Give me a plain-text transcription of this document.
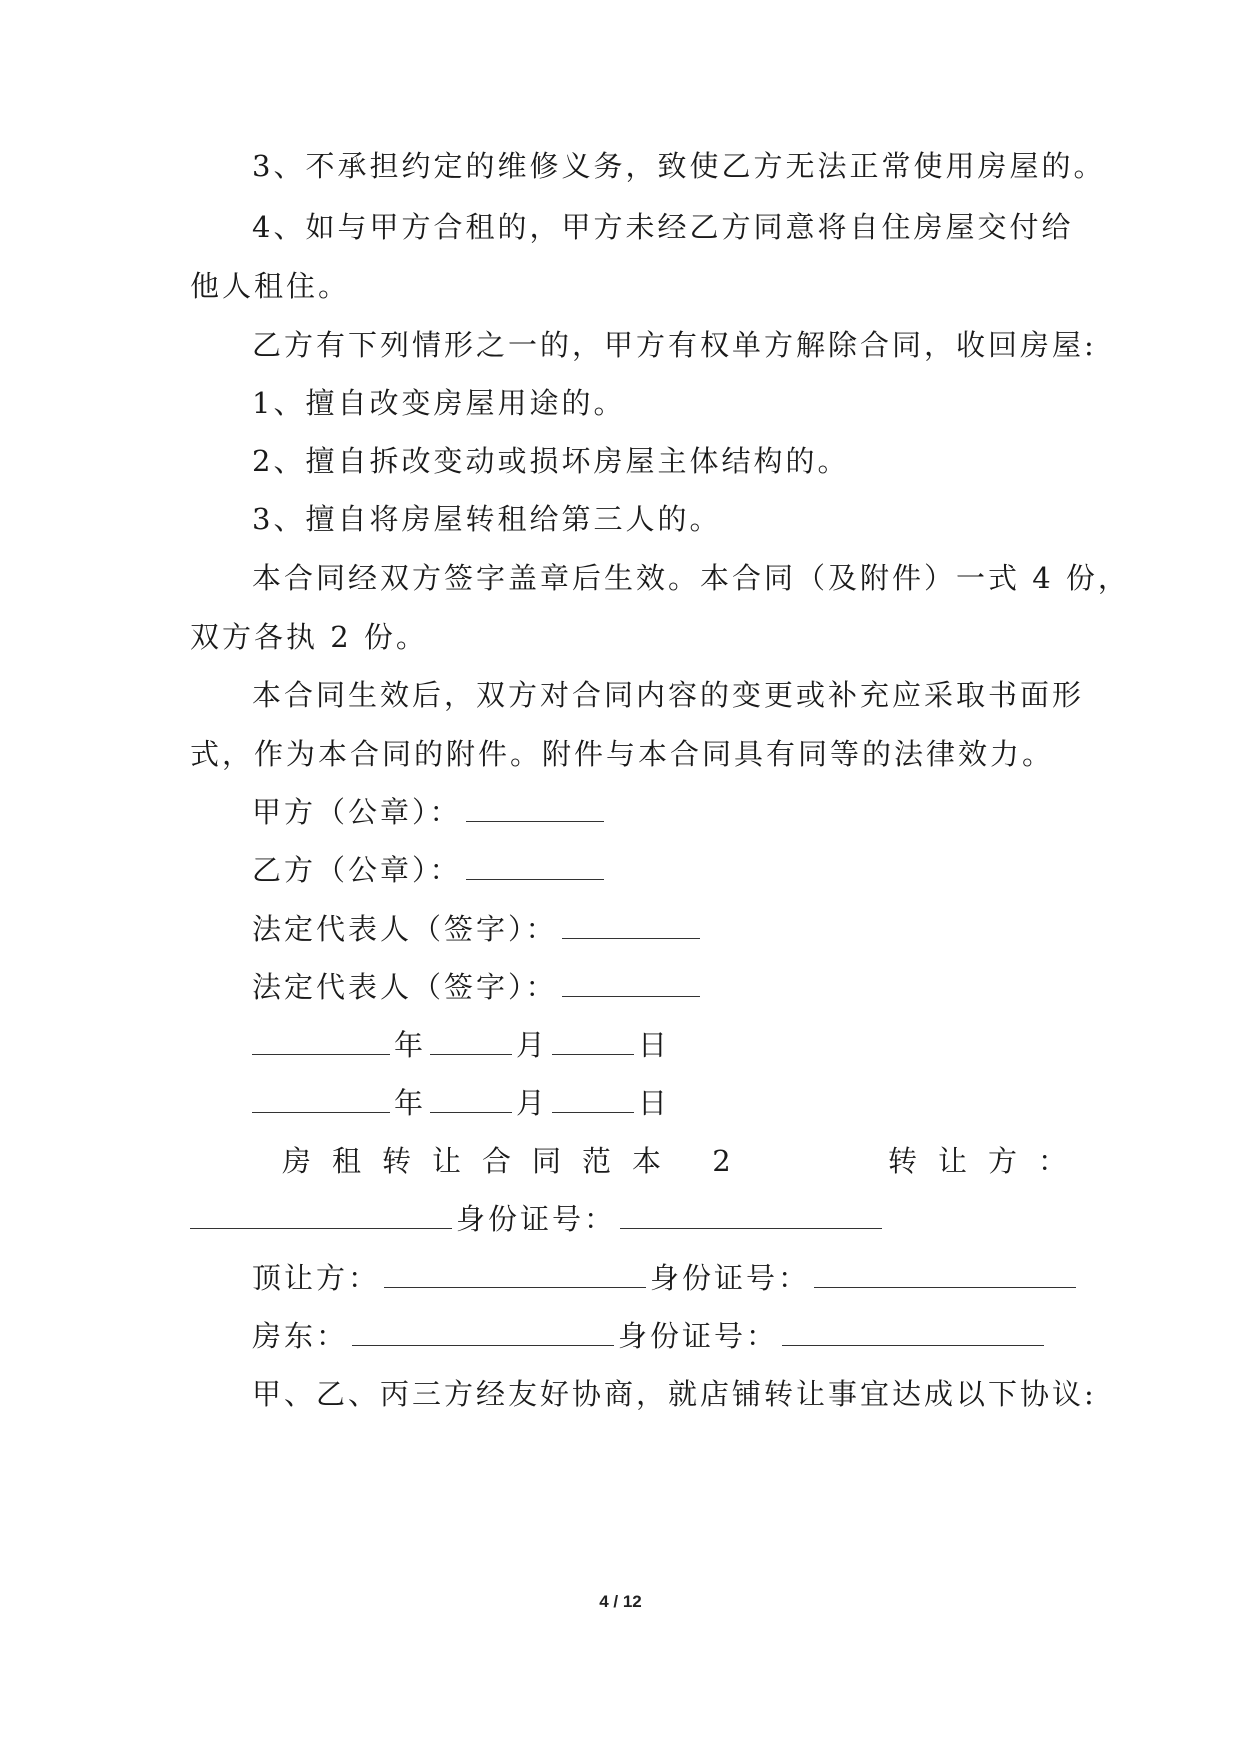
3、不承担约定的维修义务，致使乙方无法正常使用房屋的。
4、如与甲方合租的，甲方未经乙方同意将自住房屋交付给
他人租住。
乙方有下列情形之一的，甲方有权单方解除合同，收回房屋:
1、擅自改变房屋用途的。
2、擅自拆改变动或损坏房屋主体结构的。
3、擅自将房屋转租给第三人的。
本合同经双方签字盖章后生效。本合同（及附件）一式 4 份，
双方各执 2 份。
本合同生效后，双方对合同内容的变更或补充应采取书面形
式，作为本合同的附件。附件与本合同具有同等的法律效力。
甲方（公章）：
乙方（公章）：
法定代表人（签字）：
法定代表人（签字）：
年	月	日
年	月	日
房租转让合同范本 2	转让方：
身份证号：
顶让方：	身份证号：
房东：	身份证号：
甲、乙、丙三方经友好协商，就店铺转让事宜达成以下协议:
4 / 12
